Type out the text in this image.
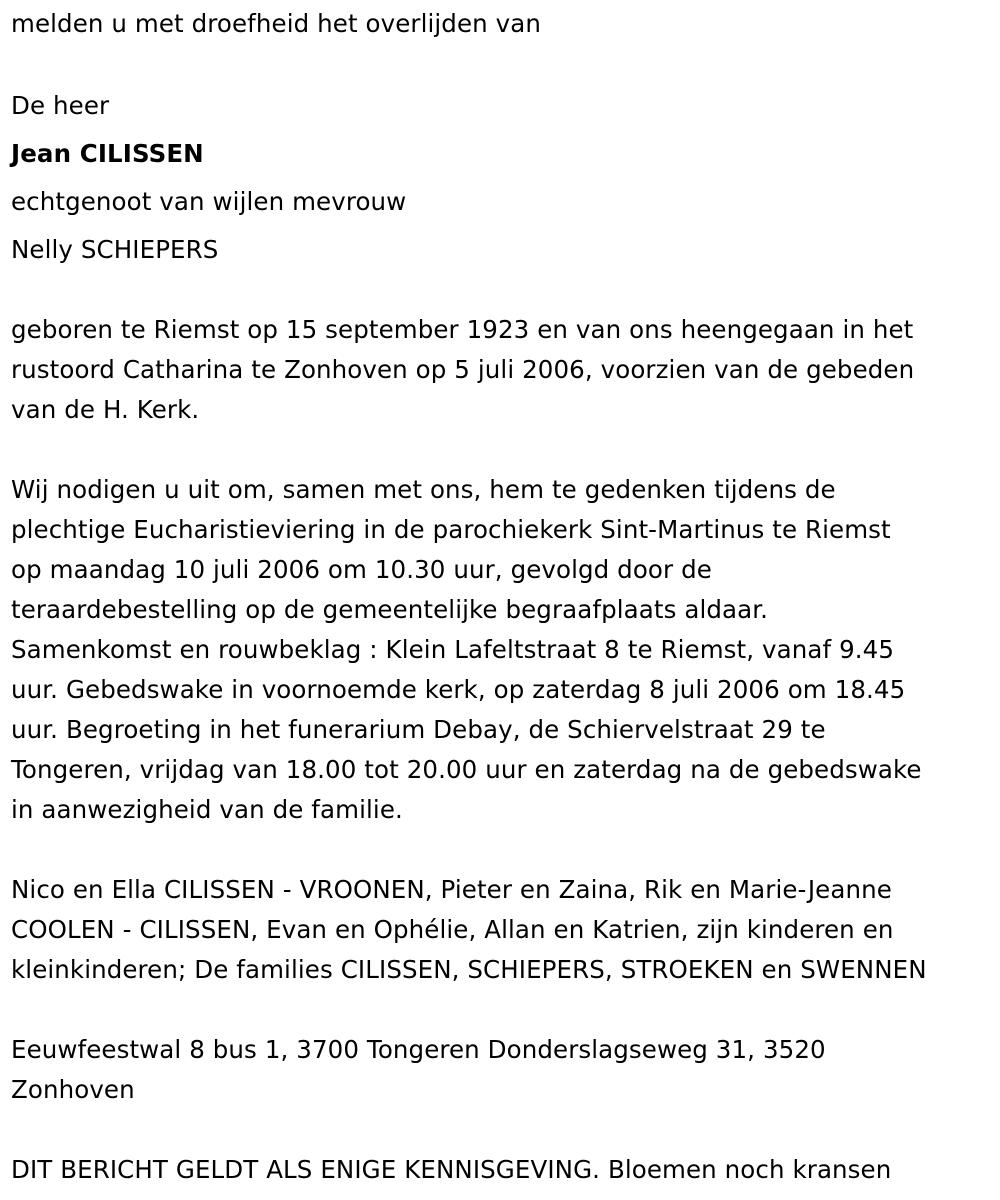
melden u met droefheid het overlijden van
De heer
Jean CILISSEN
echtgenoot van wijlen mevrouw
Nelly SCHIEPERS
geboren te Riemst op 15 september 1923 en van ons heengegaan in het
rustoord Catharina te Zonhoven op 5 juli 2006, voorzien van de gebeden
van de H. Kerk.
Wij nodigen u uit om, samen met ons, hem te gedenken tijdens de
plechtige Eucharistieviering in de parochiekerk Sint-Martinus te Riemst
op maandag 10 juli 2006 om 10.30 uur, gevolgd door de
teraardebestelling op de gemeentelijke begraafplaats aldaar.
Samenkomst en rouwbeklag : Klein Lafeltstraat 8 te Riemst, vanaf 9.45
uur. Gebedswake in voornoemde kerk, op zaterdag 8 juli 2006 om 18.45
uur. Begroeting in het funerarium Debay, de Schiervelstraat 29 te
Tongeren, vrijdag van 18.00 tot 20.00 uur en zaterdag na de gebedswake
in aanwezigheid van de familie.
Nico en Ella CILISSEN - VROONEN, Pieter en Zaina, Rik en Marie-Jeanne
COOLEN - CILISSEN, Evan en Ophélie, Allan en Katrien, zijn kinderen en
kleinkinderen; De families CILISSEN, SCHIEPERS, STROEKEN en SWENNEN
Eeuwfeestwal 8 bus 1, 3700 Tongeren Donderslagseweg 31, 3520
Zonhoven
DIT BERICHT GELDT ALS ENIGE KENNISGEVING. Bloemen noch kransen
